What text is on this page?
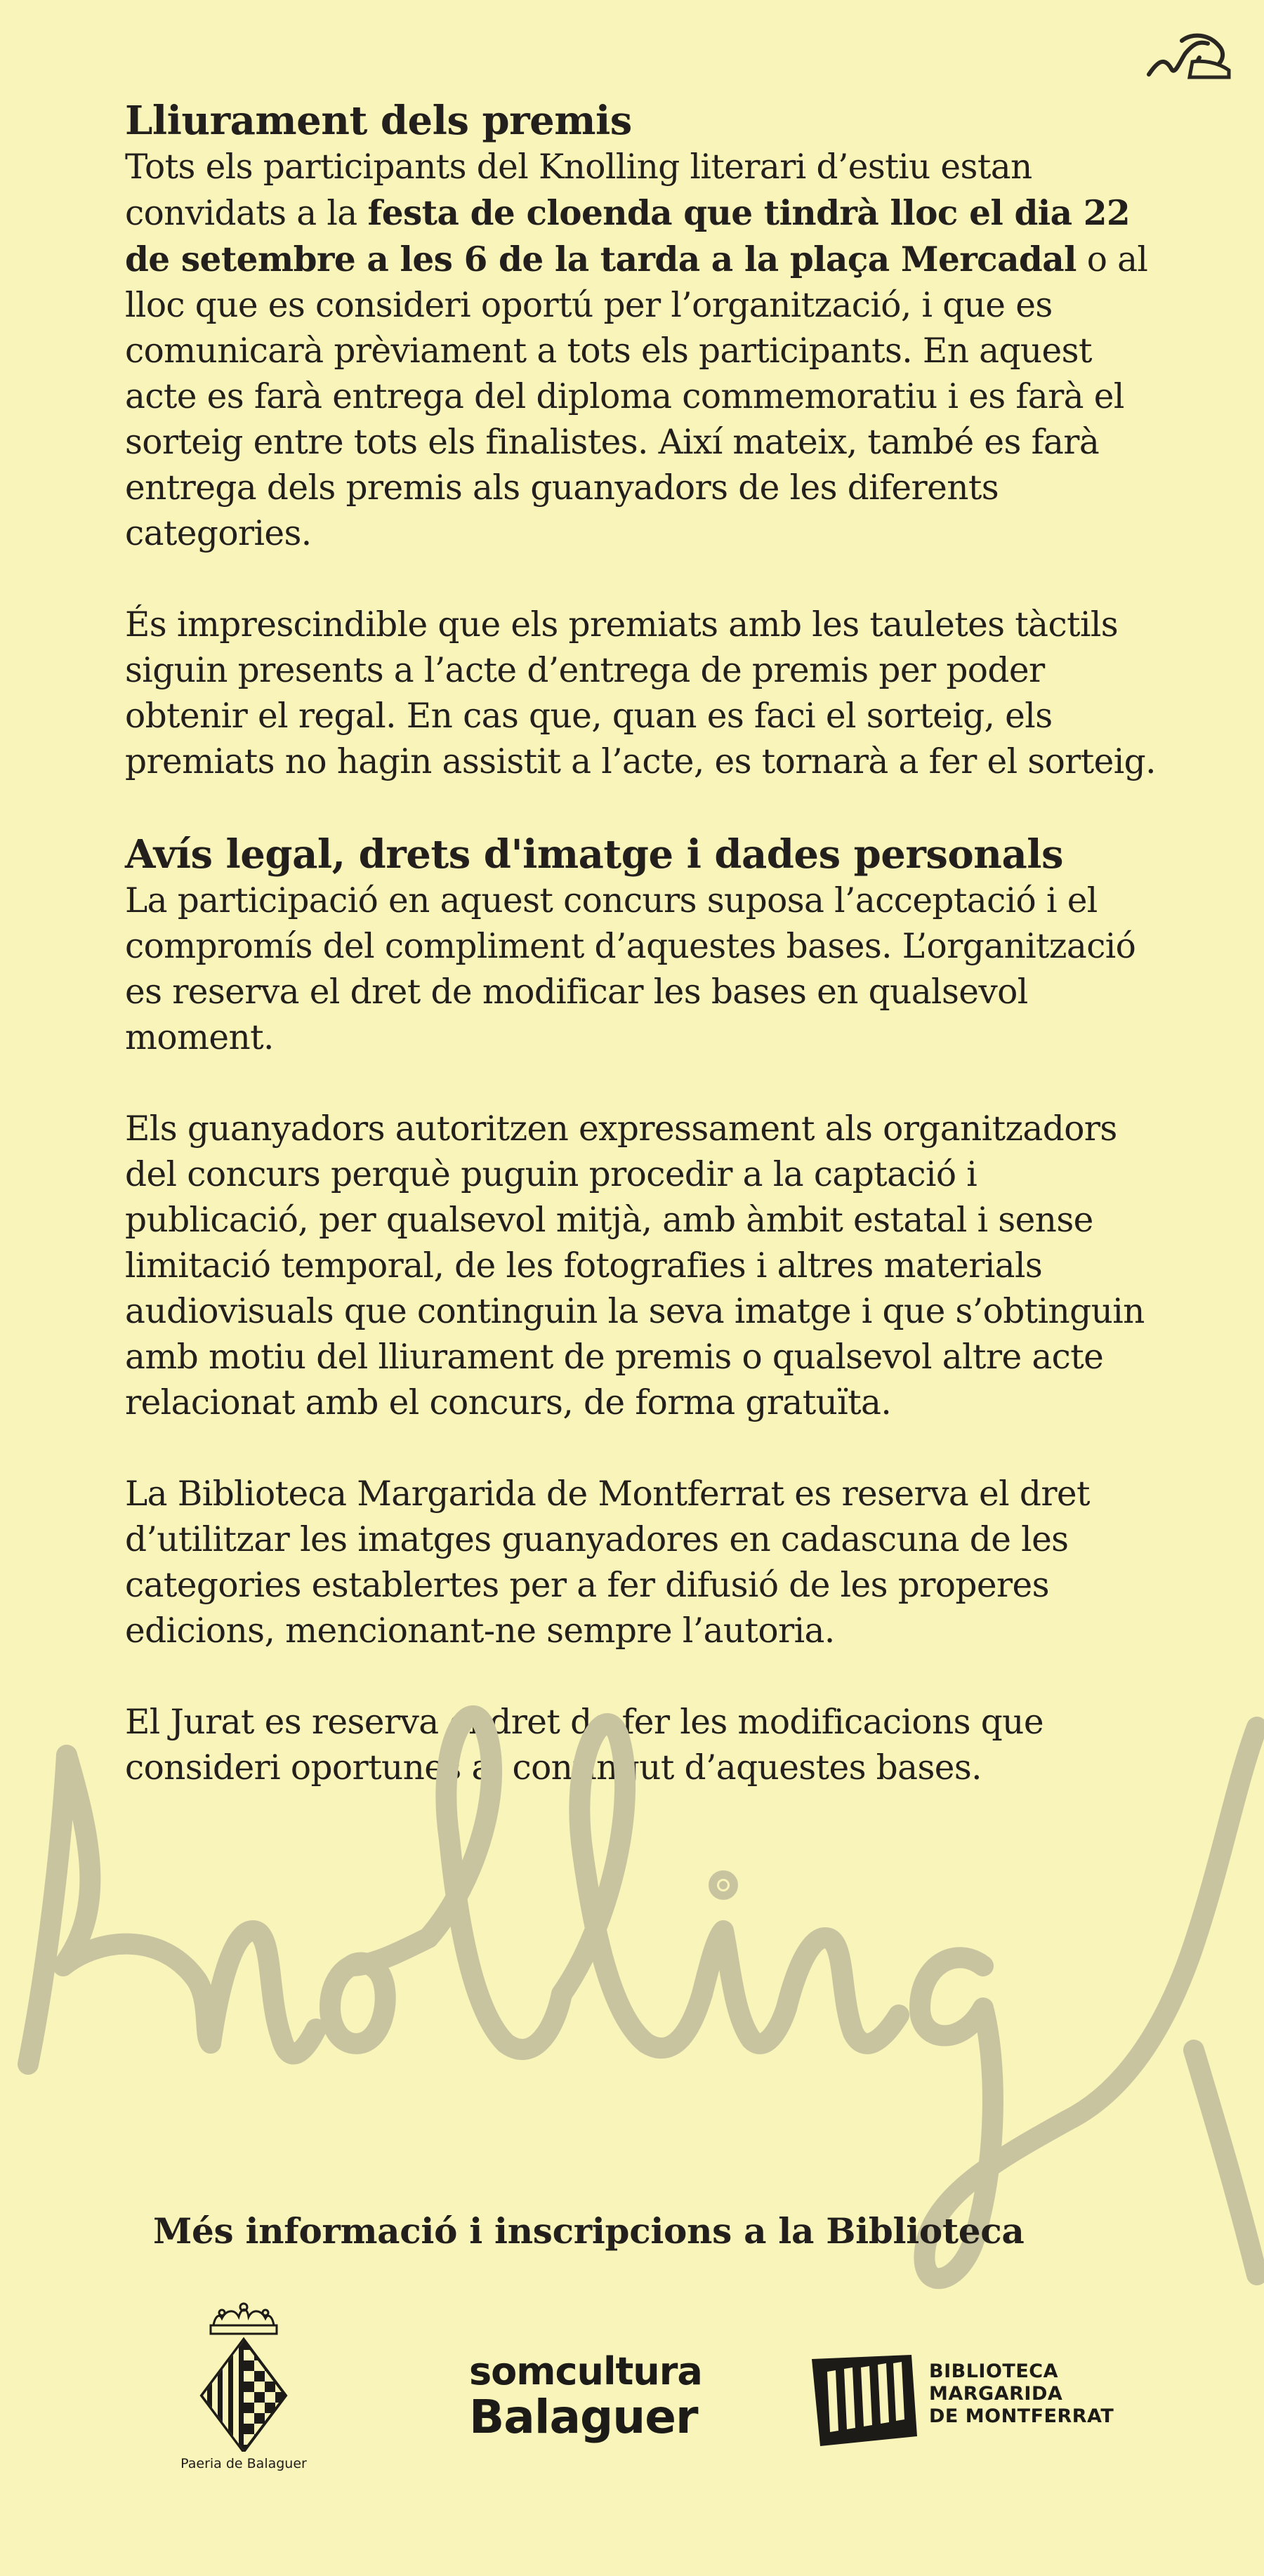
Lliurament dels premis

Tots els participants del Knolling literari d’estiu estan convidats a la festa de cloenda que tindrà lloc el dia 22 de setembre a les 6 de la tarda a la plaça Mercadal o al lloc que es consideri oportú per l’organització, i que es comunicarà prèviament a tots els participants. En aquest acte es farà entrega del diploma commemoratiu i es farà el sorteig entre tots els finalistes. Així mateix, també es farà entrega dels premis als guanyadors de les diferents categories.

És imprescindible que els premiats amb les tauletes tàctils siguin presents a l’acte d’entrega de premis per poder obtenir el regal. En cas que, quan es faci el sorteig, els premiats no hagin assistit a l’acte, es tornarà a fer el sorteig.

Avís legal, drets d'imatge i dades personals

La participació en aquest concurs suposa l’acceptació i el compromís del compliment d’aquestes bases. L’organització es reserva el dret de modificar les bases en qualsevol moment.

Els guanyadors autoritzen expressament als organitzadors del concurs perquè puguin procedir a la captació i publicació, per qualsevol mitjà, amb àmbit estatal i sense limitació temporal, de les fotografies i altres materials audiovisuals que continguin la seva imatge i que s’obtinguin amb motiu del lliurament de premis o qualsevol altre acte relacionat amb el concurs, de forma gratuïta.

La Biblioteca Margarida de Montferrat es reserva el dret d’utilitzar les imatges guanyadores en cadascuna de les categories establertes per a fer difusió de les properes edicions, mencionant-ne sempre l’autoria.

El Jurat es reserva el dret de fer les modificacions que consideri oportunes al contingut d’aquestes bases.

Més informació i inscripcions a la Biblioteca
Paeria de Balaguer
somcultura
Balaguer
BIBLIOTECA
MARGARIDA
DE MONTFERRAT
